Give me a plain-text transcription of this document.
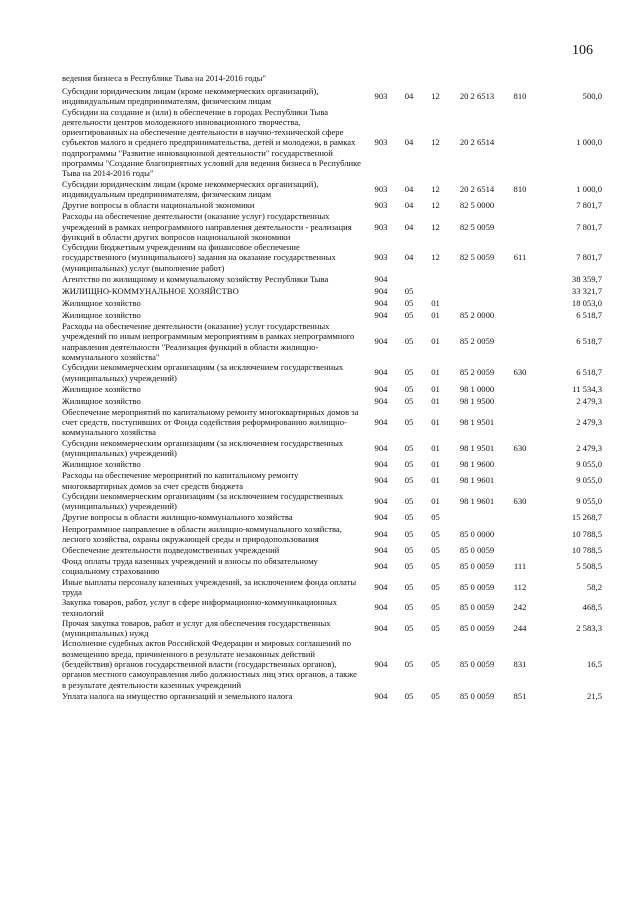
106
ведения бизнеса в Республике Тыва на 2014-2016 годы"
Субсидии юридическим лицам (кроме некоммерческих организаций), индивидуальным предпринимателям, физическим лицам	903	04	12	20 2 6513	810	500,0
Субсидии на создание и (или) в обеспечение в городах Республики Тыва деятельности центров молодежного инновационного творчества, ориентированных на обеспечение деятельности в научно-технической сфере субъектов малого и среднего предпринимательства, детей и молодежи, в рамках подпрограммы "Развитие инновационной деятельности" государственной программы "Создание благоприятных условий для ведения бизнеса в Республике Тыва на 2014-2016 годы"	903	04	12	20 2 6514		1 000,0
Субсидии юридическим лицам (кроме некоммерческих организаций), индивидуальным предпринимателям, физическим лицам	903	04	12	20 2 6514	810	1 000,0
Другие вопросы в области национальной экономики	903	04	12	82 5 0000		7 801,7
Расходы на обеспечение деятельности (оказание услуг) государственных учреждений в рамках непрограммного направления деятельности - реализация функций в области других вопросов национальной экономики	903	04	12	82 5 0059		7 801,7
Субсидии бюджетным учреждениям на финансовое обеспечение государственного (муниципального) задания на оказание государственных (муниципальных) услуг (выполнение работ)	903	04	12	82 5 0059	611	7 801,7
Агентство по жилищному и коммунальному хозяйству Республики Тыва	904					38 359,7
ЖИЛИЩНО-КОММУНАЛЬНОЕ ХОЗЯЙСТВО	904	05				33 321,7
Жилищное хозяйство	904	05	01			18 053,0
Жилищное хозяйство	904	05	01	85 2 0000		6 518,7
Расходы на обеспечение деятельности (оказание) услуг государственных учреждений по иным непрограммным мероприятиям в рамках непрограммного направления деятельности "Реализация функций в области жилищно-коммунального хозяйства"	904	05	01	85 2 0059		6 518,7
Субсидии некоммерческим организациям (за исключением государственных (муниципальных) учреждений)	904	05	01	85 2 0059	630	6 518,7
Жилищное хозяйство	904	05	01	98 1 0000		11 534,3
Жилищное хозяйство	904	05	01	98 1 9500		2 479,3
Обеспечение мероприятий по капитальному ремонту многоквартирных домов за счет средств, поступивших от Фонда содействия реформированию жилищно-коммунального хозяйства	904	05	01	98 1 9501		2 479,3
Субсидии некоммерческим организациям (за исключением государственных (муниципальных) учреждений)	904	05	01	98 1 9501	630	2 479,3
Жилищное хозяйство	904	05	01	98 1 9600		9 055,0
Расходы на обеспечение мероприятий по капитальному ремонту многоквартирных домов за счет средств бюджета	904	05	01	98 1 9601		9 055,0
Субсидии некоммерческим организациям (за исключением государственных (муниципальных) учреждений)	904	05	01	98 1 9601	630	9 055,0
Другие вопросы в области жилищно-коммунального хозяйства	904	05	05			15 268,7
Непрограммное направление в области жилищно-коммунального хозяйства, лесного хозяйства, охраны окружающей среды и природопользования	904	05	05	85 0 0000		10 788,5
Обеспечение деятельности подведомственных учреждений	904	05	05	85 0 0059		10 788,5
Фонд оплаты труда казенных учреждений и взносы по обязательному социальному страхованию	904	05	05	85 0 0059	111	5 508,5
Иные выплаты персоналу казенных учреждений, за исключением фонда оплаты труда	904	05	05	85 0 0059	112	58,2
Закупка товаров, работ, услуг в сфере информационно-коммуникационных технологий	904	05	05	85 0 0059	242	468,5
Прочая закупка товаров, работ и услуг для обеспечения государственных (муниципальных) нужд	904	05	05	85 0 0059	244	2 583,3
Исполнение судебных актов Российской Федерации и мировых соглашений по возмещению вреда, причиненного в результате незаконных действий (бездействия) органов государственной власти (государственных органов), органов местного самоуправления либо должностных лиц этих органов, а также в результате деятельности казенных учреждений	904	05	05	85 0 0059	831	16,5
Уплата налога на имущество организаций и земельного налога	904	05	05	85 0 0059	851	21,5
